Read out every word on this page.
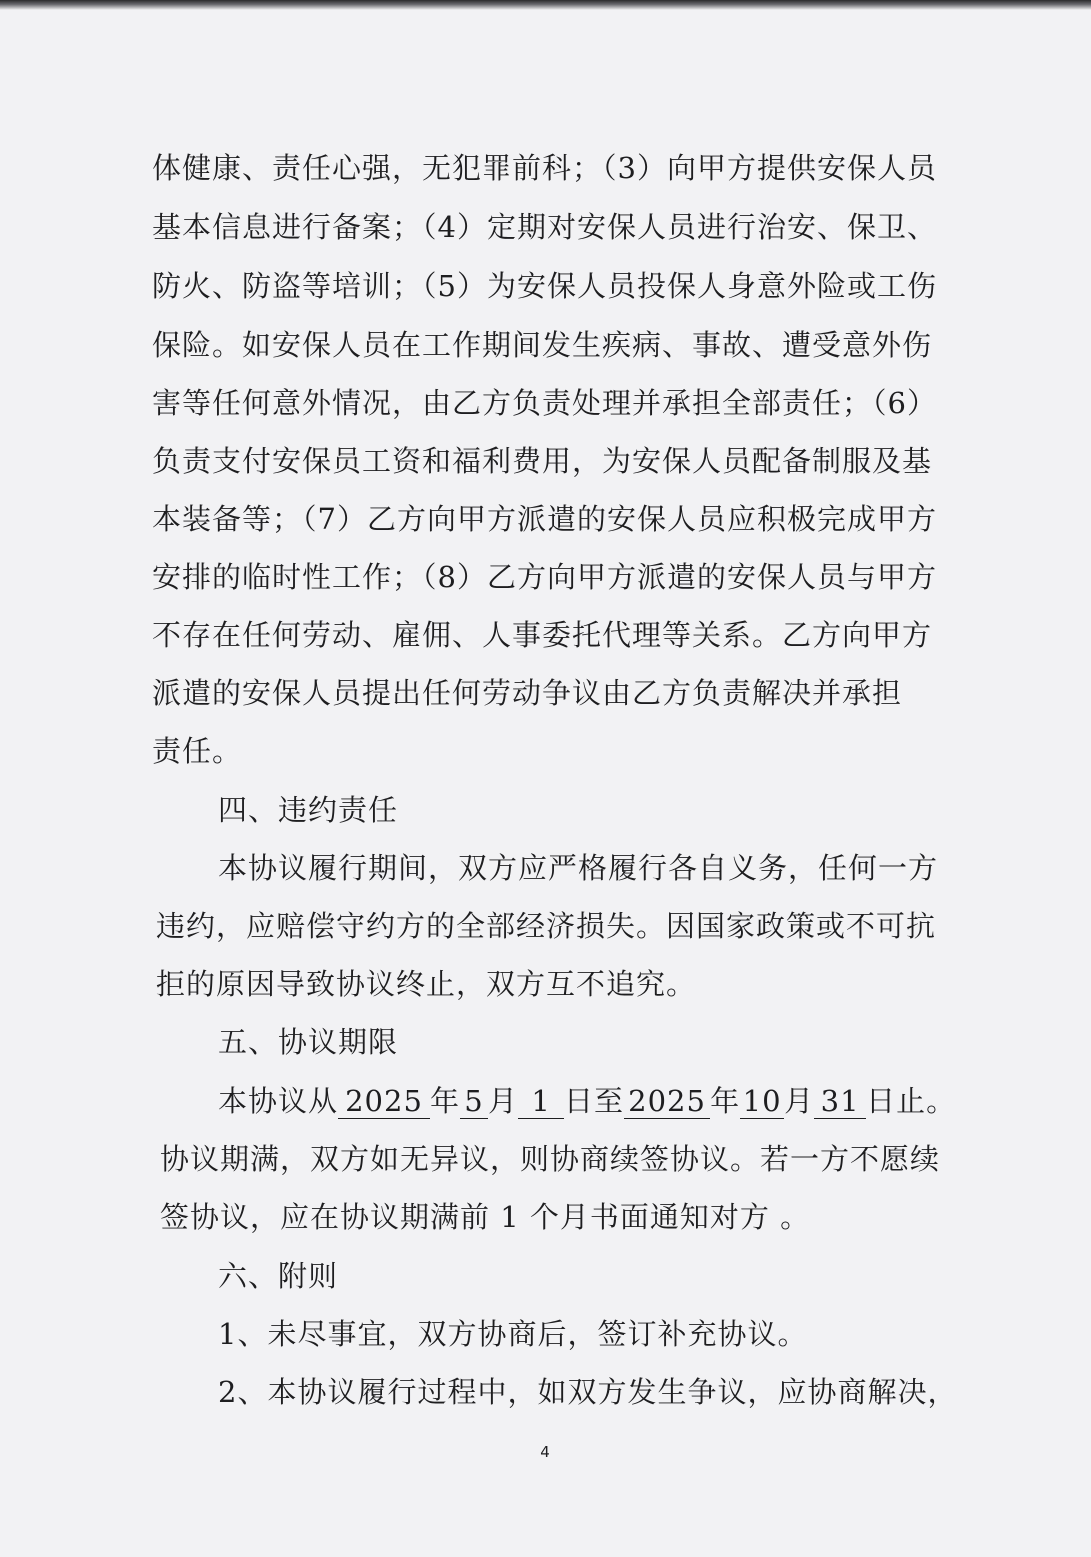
体健康、责任心强，无犯罪前科；（3）向甲方提供安保人员
基本信息进行备案；（4）定期对安保人员进行治安、保卫、
防火、防盗等培训；（5）为安保人员投保人身意外险或工伤
保险。如安保人员在工作期间发生疾病、事故、遭受意外伤
害等任何意外情况，由乙方负责处理并承担全部责任；（6）
负责支付安保员工资和福利费用，为安保人员配备制服及基
本装备等；（7）乙方向甲方派遣的安保人员应积极完成甲方
安排的临时性工作；（8）乙方向甲方派遣的安保人员与甲方
不存在任何劳动、雇佣、人事委托代理等关系。乙方向甲方
派遣的安保人员提出任何劳动争议由乙方负责解决并承担
责任。
四、违约责任
本协议履行期间，双方应严格履行各自义务，任何一方
违约，应赔偿守约方的全部经济损失。因国家政策或不可抗
拒的原因导致协议终止，双方互不追究。
五、协议期限
本协议从 2025 年 5 月 1 日至 2025 年10月 31 日止。
协议期满，双方如无异议，则协商续签协议。若一方不愿续
签协议，应在协议期满前 1 个月书面通知对方 。
六、附则
1、未尽事宜，双方协商后，签订补充协议。
2、本协议履行过程中，如双方发生争议，应协商解决，
4
